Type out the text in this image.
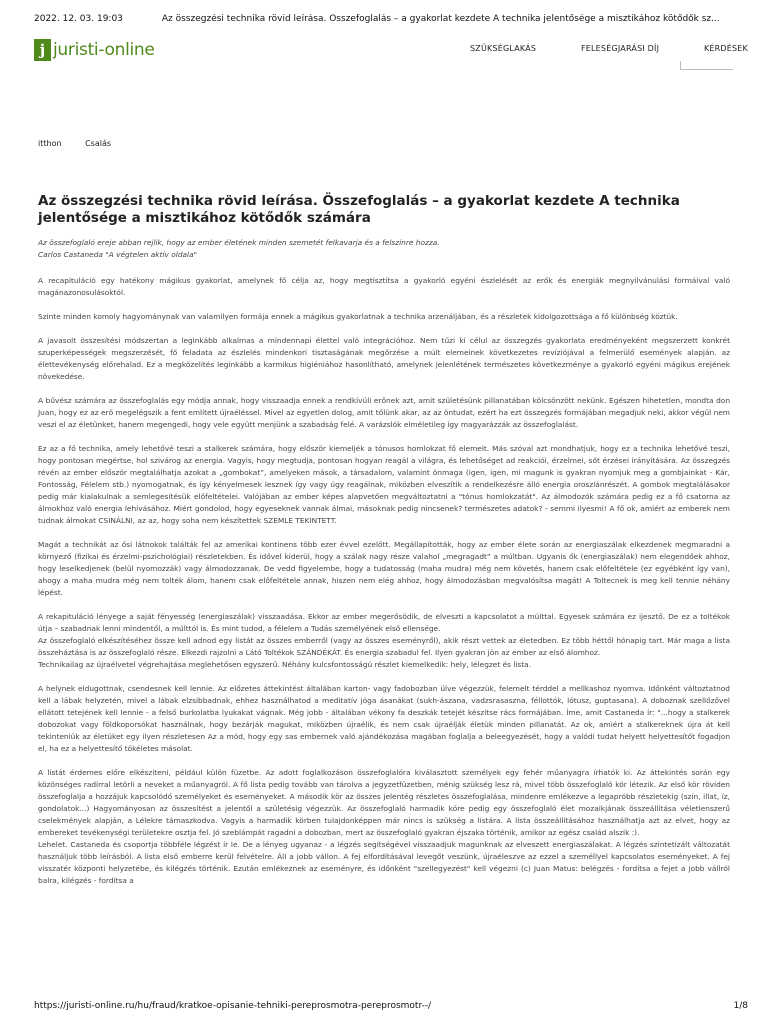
2022. 12. 03. 19:03	Az összegzési technika rövid leírása. Összefoglalás – a gyakorlat kezdete A technika jelentősége a misztikához kötődők sz...
j juristi-online	SZÜKSÉGLAKÁS	FELESÉGJARÁSI DÍJ	KÉRDÉSEK
itthon	Csalás
Az összegzési technika rövid leírása. Összefoglalás – a gyakorlat kezdete A technika jelentősége a misztikához kötődők számára
Az összefoglaló ereje abban rejlik, hogy az ember életének minden szemetét felkavarja és a felszínre hozza.
Carlos Castaneda "A végtelen aktív oldala"

A recapituláció egy hatékony mágikus gyakorlat, amelynek fő célja az, hogy megtisztítsa a gyakorló egyéni észlelését az erők és energiák megnyilvánulási formáival való magánazonosulásoktól.

Szinte minden komoly hagyománynak van valamilyen formája ennek a mágikus gyakorlatnak a technika arzenáljában, és a részletek kidolgozottsága a fő különbség köztük.

A javasolt összesítési módszertan a leginkább alkalmas a mindennapi élettel való integrációhoz. Nem tűzi ki célul az összegzés gyakorlata eredményeként megszerzett konkrét szuperképességek megszerzését, fő feladata az észlelés mindenkori tisztaságának megőrzése a múlt elemeinek következetes revíziójával a felmerülő események alapján. az élettevékenység előrehalad. Ez a megközelítés leginkább a karmikus higiéniához hasonlítható, amelynek jelenlétének természetes következménye a gyakorló egyéni mágikus erejének növekedése.

A bűvész számára az összefoglalás egy módja annak, hogy visszaadja ennek a rendkívüli erőnek azt, amit születésünk pillanatában kölcsönzött nekünk. Egészen hihetetlen, mondta don Juan, hogy ez az erő megelégszik a fent említett újraéléssel. Mivel az egyetlen dolog, amit tőlünk akar, az az öntudat, ezért ha ezt összegzés formájában megadjuk neki, akkor végül nem veszi el az életünket, hanem megengedi, hogy vele együtt menjünk a szabadság felé. A varázslók elméletileg így magyarázzák az összefoglalást.

Ez az a fő technika, amely lehetővé teszi a stalkerek számára, hogy először kiemeljék a tónusos homlokzat fő elemeit. Más szóval azt mondhatjuk, hogy ez a technika lehetővé teszi, hogy pontosan megértse, hol szivárog az energia. Vagyis, hogy megtudja, pontosan hogyan reagál a világra, és lehetőséget ad reakciói, érzelmei, sőt érzései irányítására. Az összegzés révén az ember először megtalálhatja azokat a „gombokat”, amelyeken mások, a társadalom, valamint önmaga (igen, igen, mi magunk is gyakran nyomjuk meg a gombjainkat - Kár, Fontosság, Félelem stb.) nyomogatnak, és így kényelmesek lesznek így vagy úgy reagálnak, miközben elveszítik a rendelkezésre álló energia oroszlánrészét. A gombok megtalálásakor pedig már kialakulnak a semlegesítésük előfeltételei. Valójában az ember képes alapvetően megváltoztatni a "tónus homlokzatát". Az álmodozók számára pedig ez a fő csatorna az álmokhoz való energia lehívásához. Miért gondolod, hogy egyeseknek vannak álmai, másoknak pedig nincsenek? természetes adatok? - semmi ilyesmi! A fő ok, amiért az emberek nem tudnak álmokat CSINÁLNI, az az, hogy soha nem készítettek SZEMLE TEKINTETT.

Magát a technikát az ősi látnokok találták fel az amerikai kontinens több ezer évvel ezelőtt. Megállapították, hogy az ember élete során az energiaszálak elkezdenek megmaradni a környező (fizikai és érzelmi-pszichológiai) részletekben. És idővel kiderül, hogy a szálak nagy része valahol „megragadt” a múltban. Ugyanis ők (energiaszálak) nem elegendőek ahhoz, hogy leselkedjenek (belül nyomozzák) vagy álmodozzanak. De vedd figyelembe, hogy a tudatosság (maha mudra) még nem követés, hanem csak előfeltétele (ez egyébként így van), ahogy a maha mudra még nem tolték álom, hanem csak előfeltétele annak, hiszen nem elég ahhoz, hogy álmodozásban megvalósítsa magát! A Toltecnek is meg kell tennie néhány lépést.

A rekapituláció lényege a saját fényesség (energiaszálak) visszaadása. Ekkor az ember megerősödik, de elveszti a kapcsolatot a múlttal. Egyesek számára ez ijesztő. De ez a toltékok útja – szabadnak lenni mindentől, a múlttól is. És mint tudod, a félelem a Tudás személyének első ellensége.

Az összefoglaló elkészítéséhez össze kell adnod egy listát az összes emberről (vagy az összes eseményről), akik részt vettek az életedben. Ez több héttől hónapig tart. Már maga a lista összeháztása is az összefoglaló része. Elkezdi rajzolni a Látó Toltékok SZÁNDÉKÁT. És energia szabadul fel. Ilyen gyakran jön az ember az első álomhoz.

Technikailag az újraélvetel végrehajtása meglehetősen egyszerű. Néhány kulcsfontosságú részlet kiemelkedik: hely, lélegzet és lista.

A helynek eldugottnak, csendesnek kell lennie. Az előzetes áttekintést általában karton- vagy fadobozban ülve végezzük, felemelt térddel a mellkashoz nyomva. Időnként változtatnod kell a lábak helyzetén, mivel a lábak elzsibbadnak, ehhez használhatod a meditatív jóga ásanákat (sukh-ászana, vadzsrasaszna, féllottók, lótusz, guptasana). A doboznak szellőzővel ellátott tetejének kell lennie - a felső burkolatba lyukakat vágnak. Még jobb - általában vékony fa deszkák tetejét készítse rács formájában. Íme, amit Castaneda ír: "...hogy a stalkerek dobozokat vagy földkoporsókat használnak, hogy bezárják magukat, miközben újraélik, és nem csak újraélják életük minden pillanatát. Az ok, amiért a stalkereknek újra át kell tekinteniük az életüket egy ilyen részletesen Az a mód, hogy egy sas embernek való ajándékozása magában foglalja a beleegyezését, hogy a valódi tudat helyett helyettesítőt fogadjon el, ha ez a helyettesítő tökéletes másolat.

A listát érdemes előre elkészíteni, például külön füzetbe. Az adott foglalkozáson összefoglalóra kiválasztott személyek egy fehér műanyagra írhatók ki. Az áttekintés során egy közönséges radírral letörli a neveket a műanyagról. A fő lista pedig tovább van tárolva a jegyzetfüzetben, ménig szükség lesz rá, mivel több összefoglaló kör létezik. Az első kör röviden összefoglalja a hozzájuk kapcsolódó személyeket és eseményeket. A második kör az összes jelentég részletes összefoglalása, mindenre emlékezve a legapróbb részletekig (szín, illat, íz, gondolatok...) Hagyományosan az összesítést a jelentől a születésig végezzük. Az összefoglaló harmadik köre pedig egy összefoglaló élet mozaikjának összeállítása véletlenszerű cselekmények alapján, a Lélekre támaszkodva. Vagyis a harmadik körben tulajdonképpen már nincs is szükség a listára. A lista összeállításához használhatja azt az elvet, hogy az embereket tevékenységi területekre osztja fel. Jó szeblámpát ragadni a dobozban, mert az összefoglaló gyakran éjszaka történik, amikor az egész család alszik :).

Lehelet. Castaneda és csoportja többféle légzést ír le. De a lényeg ugyanaz - a légzés segítségével visszaadjuk magunknak az elveszett energiaszálakat. A légzés szintetizált változatát használjuk több leírásból. A lista első emberre kerül felvételre. Áll a jobb vállon. A fej elfordításával levegőt veszünk, újraéleszve az ezzel a személlyel kapcsolatos eseményeket. A fej visszatér központi helyzetébe, és kilégzés történik. Ezután emlékeznek az eseményre, és időnként "szellegyezést" kell végezni (c) Juan Matus: belégzés - fordítsa a fejet a jobb vállról balra, kilégzés - fordítsa a

https://juristi-online.ru/hu/fraud/kratkoe-opisanie-tehniki-pereprosmotra-pereprosmotr--/	1/8
